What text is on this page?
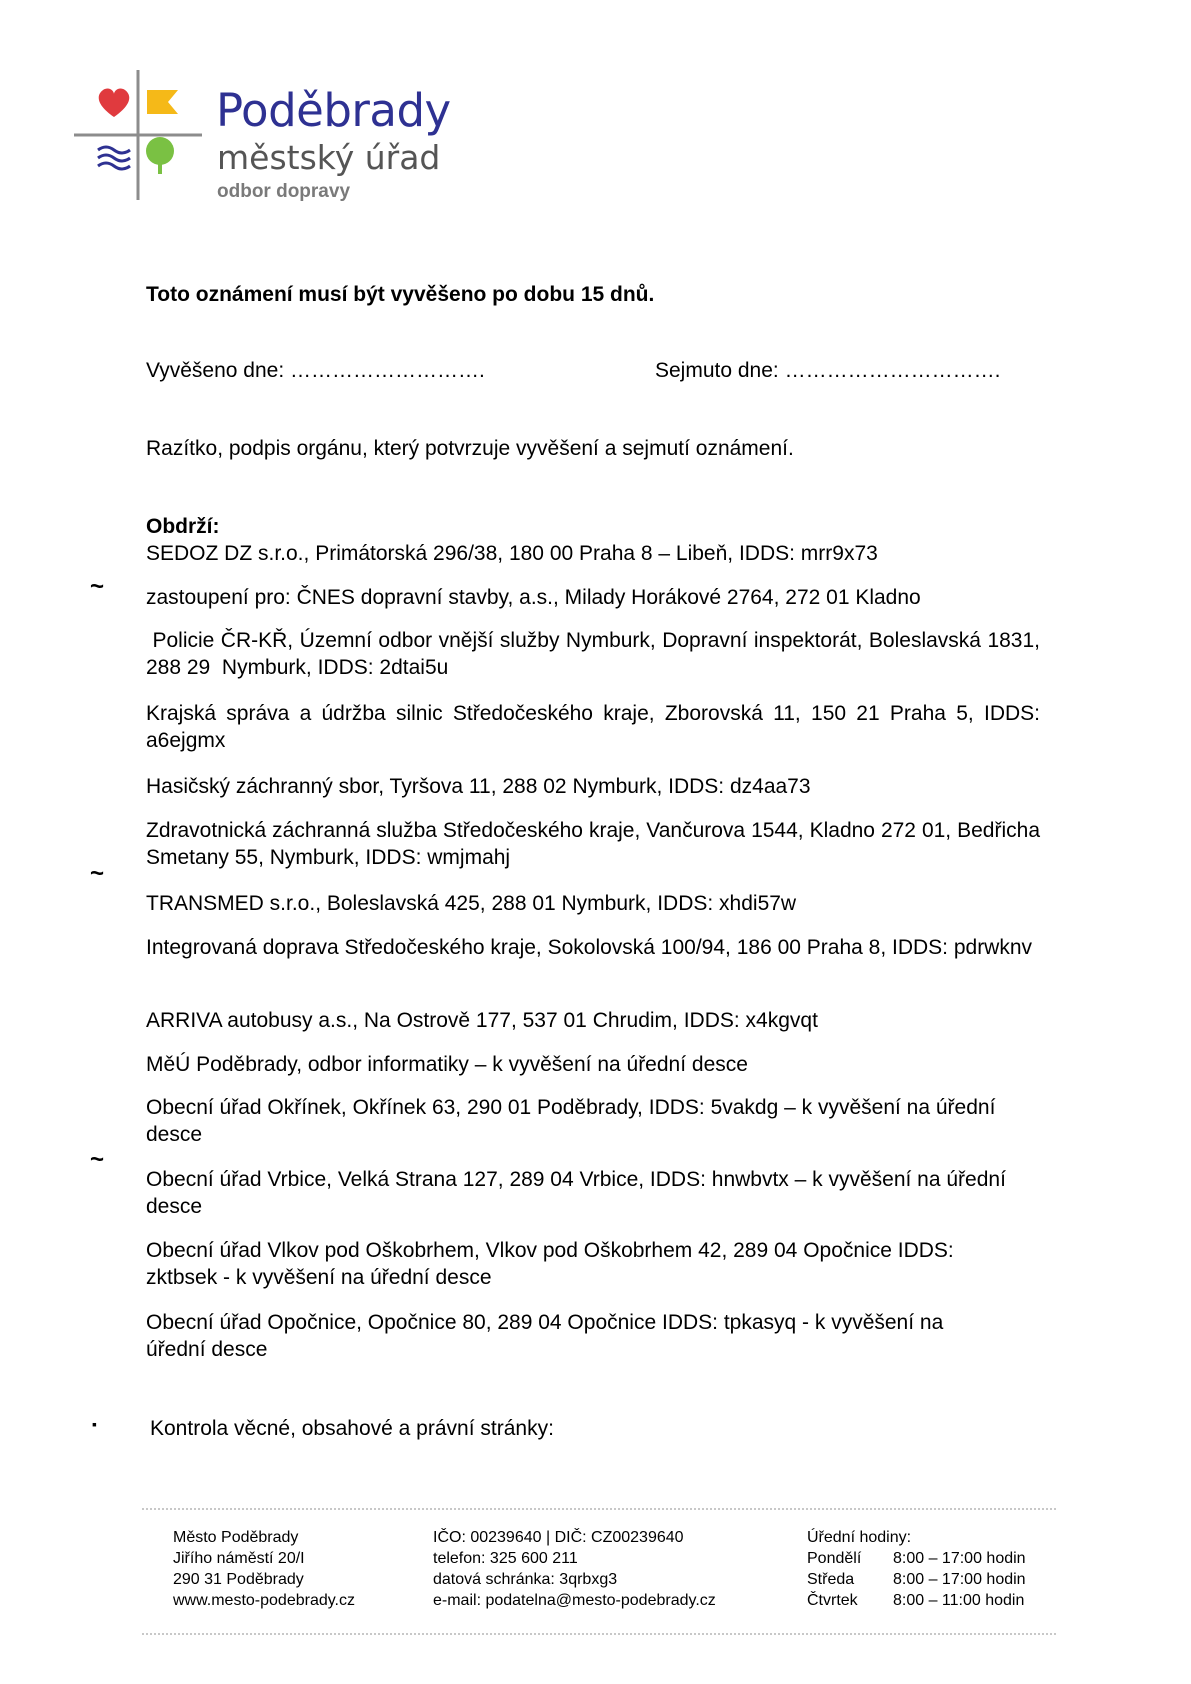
Poděbrady
městský úřad
odbor dopravy
Toto oznámení musí být vyvěšeno po dobu 15 dnů.
Vyvěšeno dne: ……………………….	Sejmuto dne: ………………………….
Razítko, podpis orgánu, který potvrzuje vyvěšení a sejmutí oznámení.
Obdrží:
SEDOZ DZ s.r.o., Primátorská 296/38, 180 00 Praha 8 – Libeň, IDDS: mrr9x73
zastoupení pro: ČNES dopravní stavby, a.s., Milady Horákové 2764, 272 01 Kladno
Policie ČR-KŘ, Územní odbor vnější služby Nymburk, Dopravní inspektorát, Boleslavská 1831, 288 29  Nymburk, IDDS: 2dtai5u
Krajská správa a údržba silnic Středočeského kraje, Zborovská 11, 150 21 Praha 5, IDDS: a6ejgmx
Hasičský záchranný sbor, Tyršova 11, 288 02 Nymburk, IDDS: dz4aa73
Zdravotnická záchranná služba Středočeského kraje, Vančurova 1544, Kladno 272 01, Bedřicha Smetany 55, Nymburk, IDDS: wmjmahj
TRANSMED s.r.o., Boleslavská 425, 288 01 Nymburk, IDDS: xhdi57w
Integrovaná doprava Středočeského kraje, Sokolovská 100/94, 186 00 Praha 8, IDDS: pdrwknv
ARRIVA autobusy a.s., Na Ostrově 177, 537 01 Chrudim, IDDS: x4kgvqt
MěÚ Poděbrady, odbor informatiky – k vyvěšení na úřední desce
Obecní úřad Okřínek, Okřínek 63, 290 01 Poděbrady, IDDS: 5vakdg – k vyvěšení na úřední desce
Obecní úřad Vrbice, Velká Strana 127, 289 04 Vrbice, IDDS: hnwbvtx – k vyvěšení na úřední desce
Obecní úřad Vlkov pod Oškobrhem, Vlkov pod Oškobrhem 42, 289 04 Opočnice IDDS: zktbsek - k vyvěšení na úřední desce
Obecní úřad Opočnice, Opočnice 80, 289 04 Opočnice IDDS: tpkasyq - k vyvěšení na úřední desce
~
~
~
▪	Kontrola věcné, obsahové a právní stránky:
Město Poděbrady
Jiřího náměstí 20/I
290 31 Poděbrady
www.mesto-podebrady.cz
IČO: 00239640 | DIČ: CZ00239640
telefon: 325 600 211
datová schránka: 3qrbxg3
e-mail: podatelna@mesto-podebrady.cz
Úřední hodiny:
Pondělí	8:00 – 17:00 hodin
Středa	8:00 – 17:00 hodin
Čtvrtek	8:00 – 11:00 hodin
